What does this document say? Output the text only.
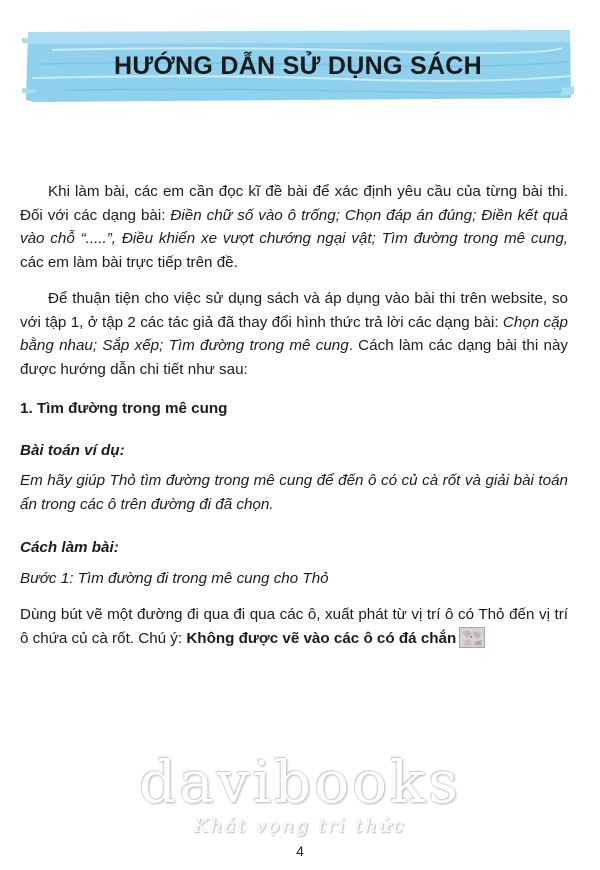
HƯỚNG DẪN SỬ DỤNG SÁCH

Khi làm bài, các em cần đọc kĩ đề bài để xác định yêu cầu của từng bài thi. Đối với các dạng bài: Điền chữ số vào ô trống; Chọn đáp án đúng; Điền kết quả vào chỗ “.....”, Điều khiển xe vượt chướng ngại vật; Tìm đường trong mê cung, các em làm bài trực tiếp trên đề.

Để thuận tiện cho việc sử dụng sách và áp dụng vào bài thi trên website, so với tập 1, ở tập 2 các tác giả đã thay đổi hình thức trả lời các dạng bài: Chọn cặp bằng nhau; Sắp xếp; Tìm đường trong mê cung. Cách làm các dạng bài thi này được hướng dẫn chi tiết như sau:

1. Tìm đường trong mê cung
Bài toán ví dụ:

Em hãy giúp Thỏ tìm đường trong mê cung để đến ô có củ cà rốt và giải bài toán ẩn trong các ô trên đường đi đã chọn.

Cách làm bài:

Bước 1: Tìm đường đi trong mê cung cho Thỏ

Dùng bút vẽ một đường đi qua đi qua các ô, xuất phát từ vị trí ô có Thỏ đến vị trí ô chứa củ cà rốt. Chú ý: Không được vẽ vào các ô có đá chắn

davibooks
Khát vọng tri thức
4
